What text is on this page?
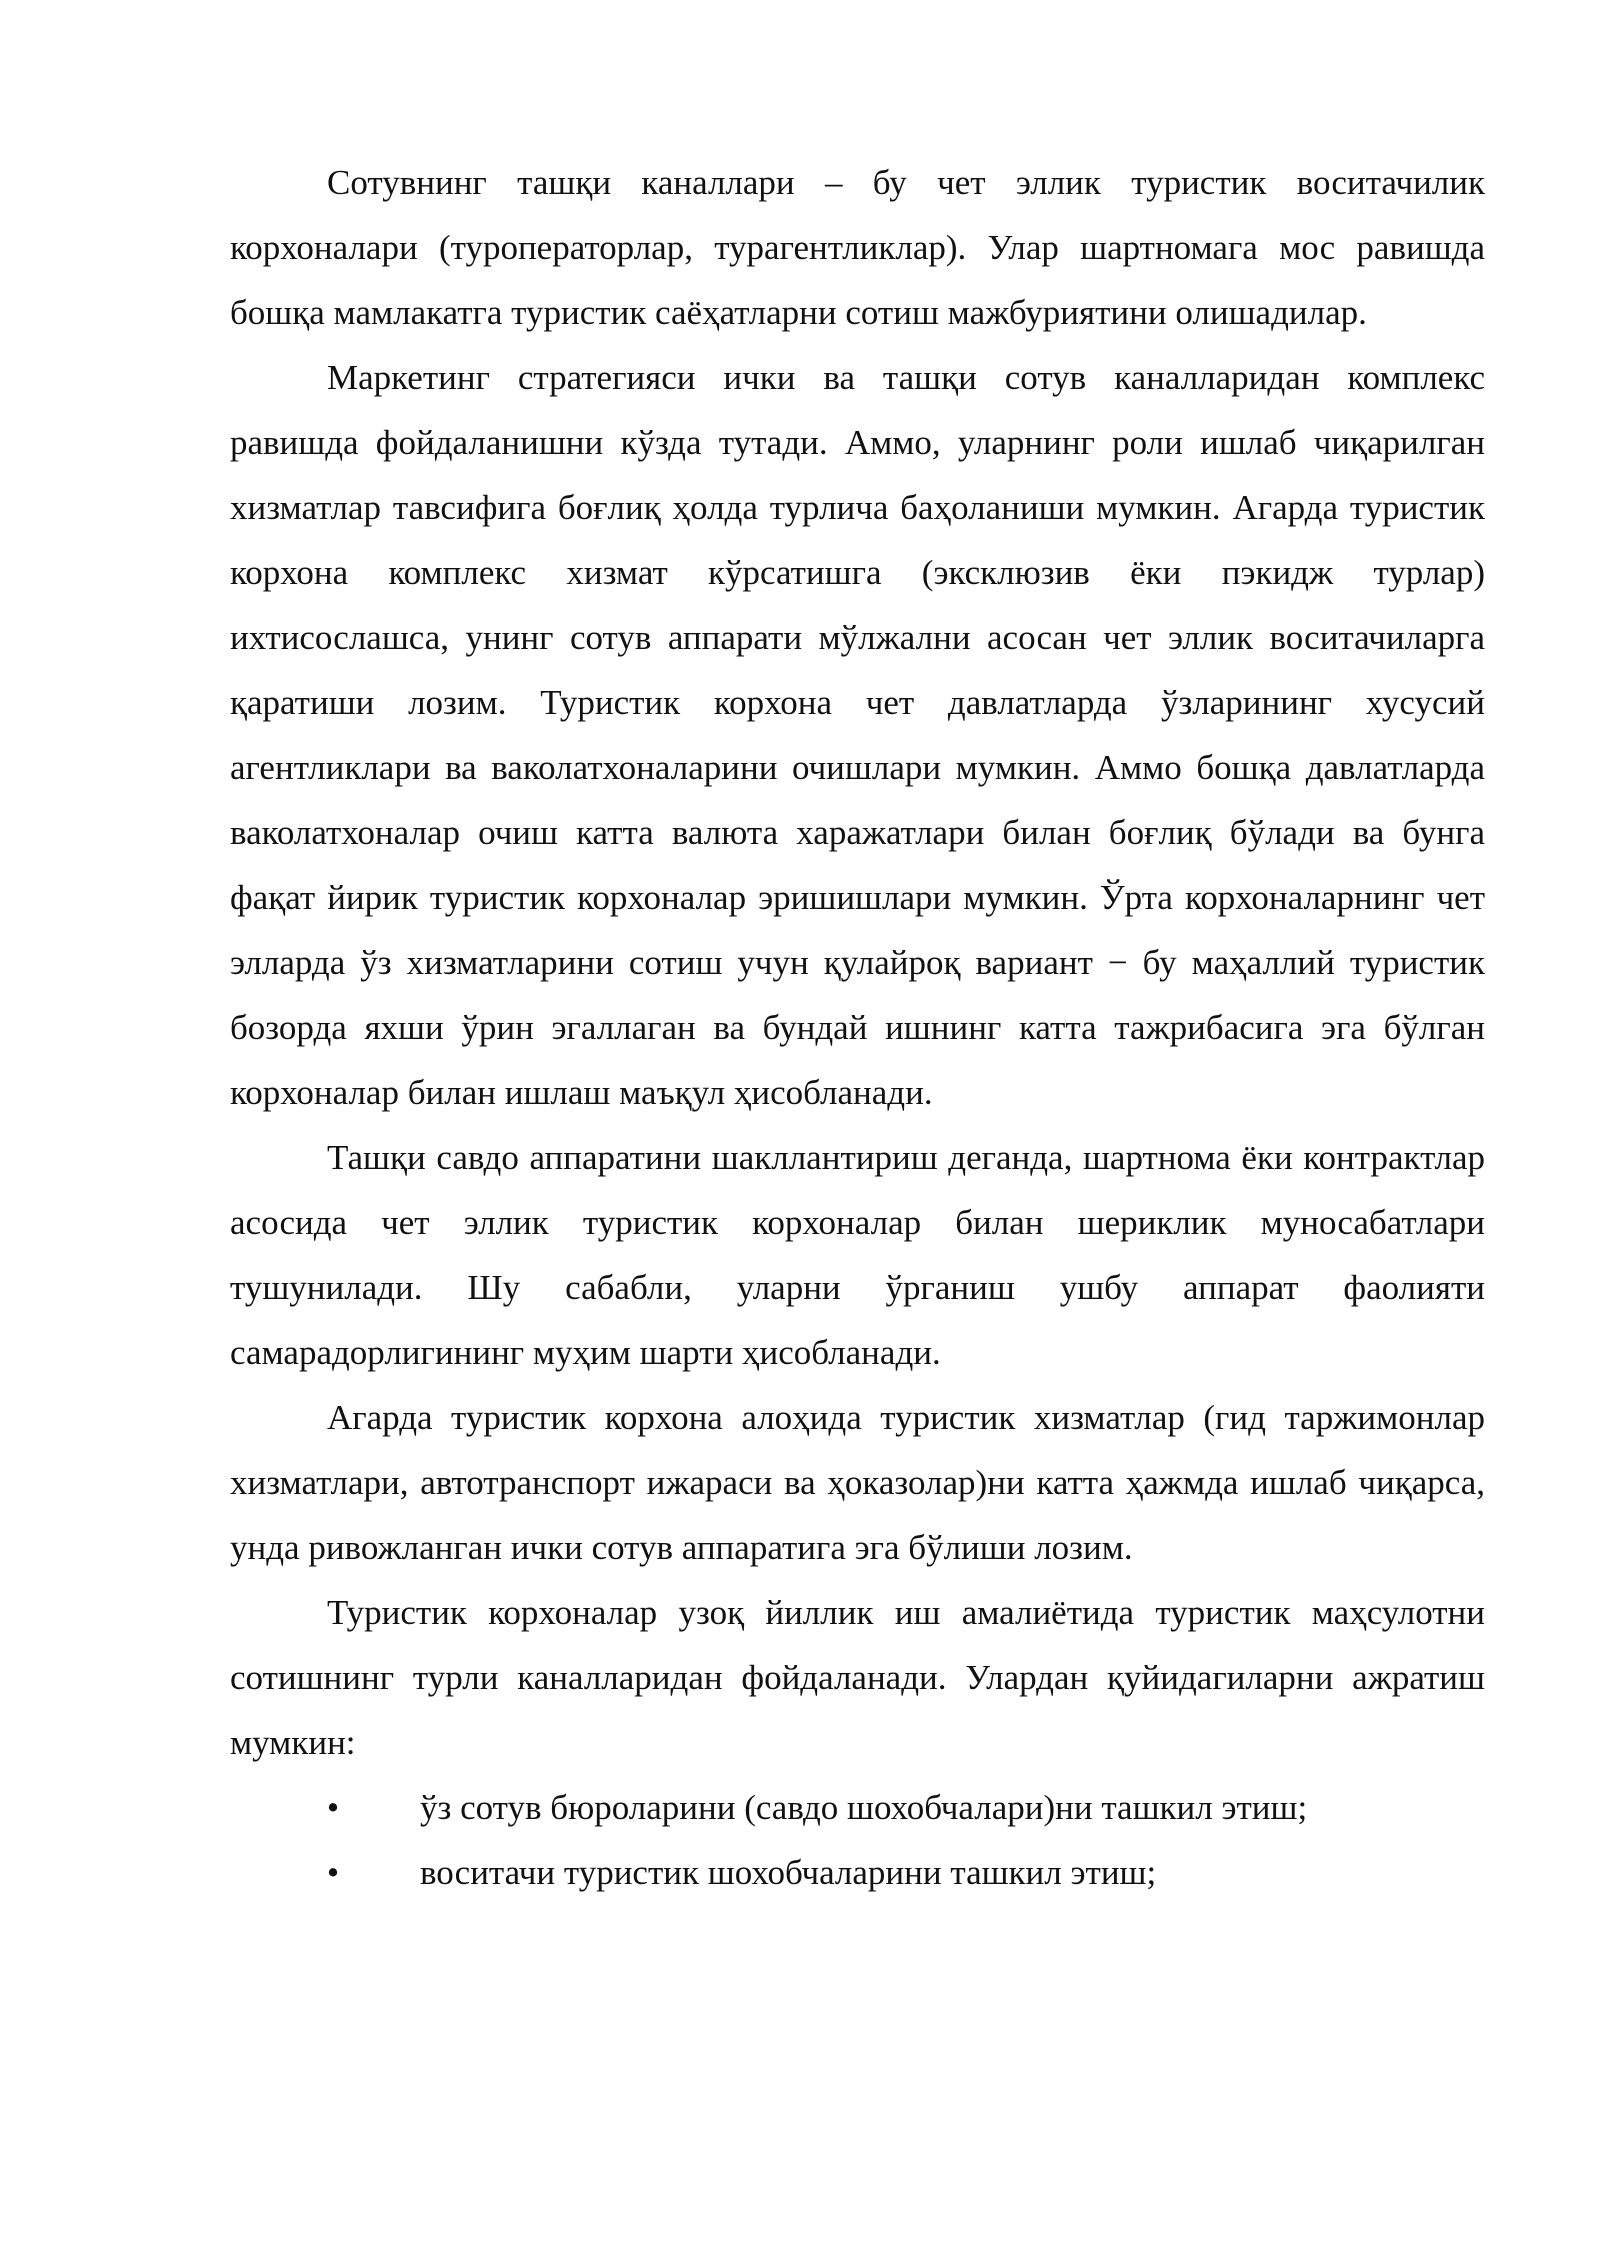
Сотувнинг ташқи каналлари – бу чет эллик туристик воситачилик корхоналари (туроператорлар, турагентликлар). Улар шартномага мос равишда бошқа мамлакатга туристик саёҳатларни сотиш мажбуриятини олишадилар.

Маркетинг стратегияси ички ва ташқи сотув каналларидан комплекс равишда фойдаланишни кўзда тутади. Аммо, уларнинг роли ишлаб чиқарилган хизматлар тавсифига боғлиқ ҳолда турлича баҳоланиши мумкин. Агарда туристик корхона комплекс хизмат кўрсатишга (эксклюзив ёки пэкидж турлар) ихтисослашса, унинг сотув аппарати мўлжални асосан чет эллик воситачиларга қаратиши лозим. Туристик корхона чет давлатларда ўзларининг хусусий агентликлари ва ваколатхоналарини очишлари мумкин. Аммо бошқа давлатларда ваколатхоналар очиш катта валюта харажатлари билан боғлиқ бўлади ва бунга фақат йирик туристик корхоналар эришишлари мумкин. Ўрта корхоналарнинг чет элларда ўз хизматларини сотиш учун қулайроқ вариант − бу маҳаллий туристик бозорда яхши ўрин эгаллаган ва бундай ишнинг катта тажрибасига эга бўлган корхоналар билан ишлаш маъқул ҳисобланади.

Ташқи савдо аппаратини шакллантириш деганда, шартнома ёки контрактлар асосида чет эллик туристик корхоналар билан шериклик муносабатлари тушунилади. Шу сабабли, уларни ўрганиш ушбу аппарат фаолияти самарадорлигининг муҳим шарти ҳисобланади.

Агарда туристик корхона алоҳида туристик хизматлар (гид таржимонлар хизматлари, автотранспорт ижараси ва ҳоказолар)ни катта ҳажмда ишлаб чиқарса, унда ривожланган ички сотув аппаратига эга бўлиши лозим.

Туристик корхоналар узоқ йиллик иш амалиётида туристик маҳсулотни сотишнинг турли каналларидан фойдаланади. Улардан қуйидагиларни ажратиш мумкин:

• ўз сотув бюроларини (савдо шохобчалари)ни ташкил этиш;
• воситачи туристик шохобчаларини ташкил этиш;
